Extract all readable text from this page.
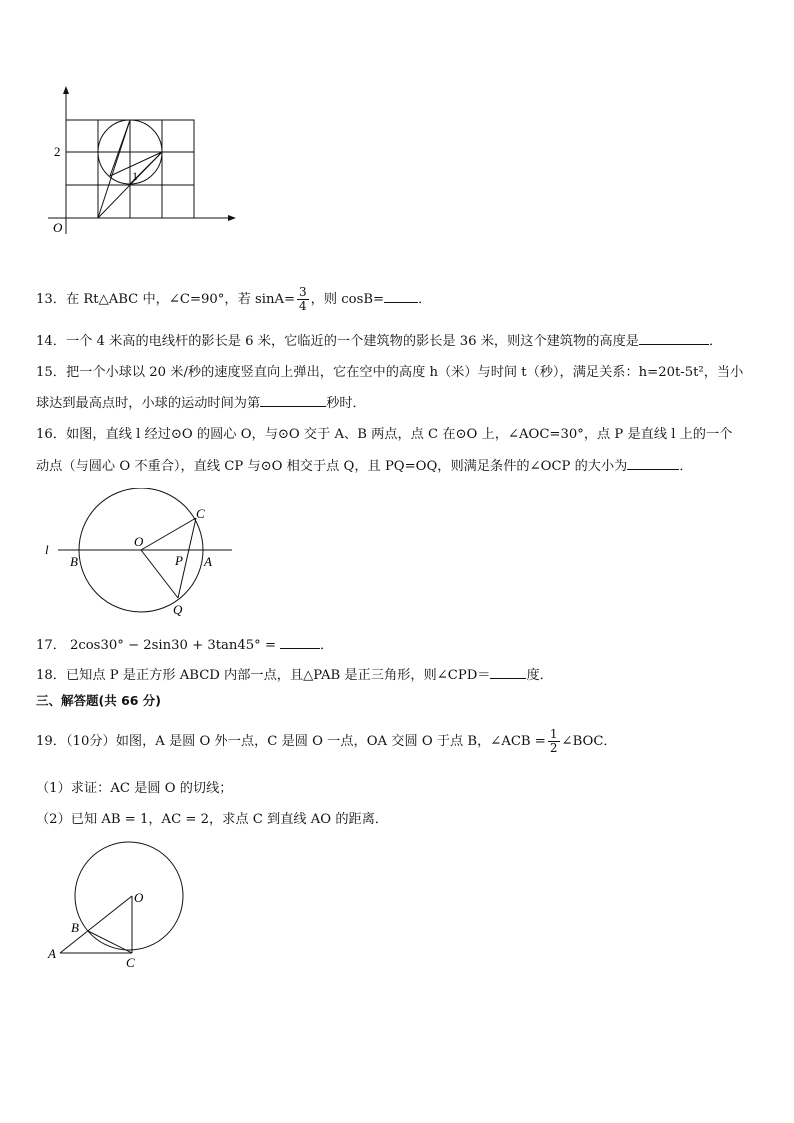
2
1
O
13．在 Rt△ABC 中，∠C=90°，若 $\sin A= \frac{3}{4}$ ，则 cosB=	．
14．一个 4 米高的电线杆的影长是 6 米，它临近的一个建筑物的影长是 36 米，则这个建筑物的高度是	．
15．把一个小球以 20 米/秒的速度竖直向上弹出，它在空中的高度 h（米）与时间 t（秒），满足关系：h=20t-5t²，当小
球达到最高点时，小球的运动时间为第	秒时．
16．如图，直线 l 经过⊙O 的圆心 O，与⊙O 交于 A、B 两点，点 C 在⊙O 上，∠AOC=30°，点 P 是直线 l 上的一个
动点（与圆心 O 不重合），直线 CP 与⊙O 相交于点 Q，且 PQ=OQ，则满足条件的∠OCP 的大小为	．
l
B
O
C
P A
Q
17． 2cos30° − 2sin30 + 3tan45° =	．
18．已知点 P 是正方形 ABCD 内部一点，且△PAB 是正三角形，则∠CPD＝	度．
三、解答题(共 66 分)
19．（10分）如图，A 是圆 O 外一点，C 是圆 O 一点，OA 交圆 O 于点 B，∠ACB = $\frac{1}{2}$ ∠BOC．
（1）求证：AC 是圆 O 的切线；
（2）已知 AB = 1，AC = 2，求点 C 到直线 AO 的距离．
O
B
A
C
